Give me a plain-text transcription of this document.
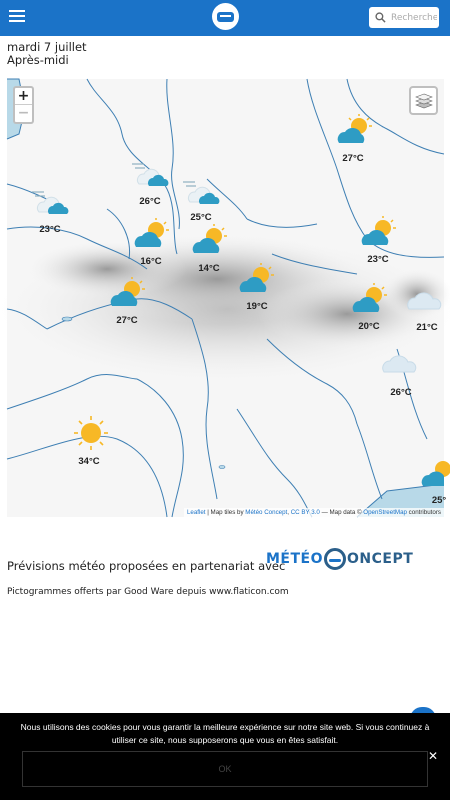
Recherche
mardi 7 juillet
Après-midi
27°C
26°C
25°C
23°C
16°C
14°C
23°C
27°C
19°C
20°C	21°C
26°C
34°C
25°
+
−
Leaflet | Map tiles by Météo Concept, CC BY 3.0 — Map data © OpenStreetMap contributors
Prévisions météo proposées en partenariat avec
MÉTÉO ONCEPT
Pictogrammes offerts par Good Ware depuis www.flaticon.com

Nous utilisons des cookies pour vous garantir la meilleure expérience sur notre site web. Si vous continuez à utiliser ce site, nous supposerons que vous en êtes satisfait.

OK
✕
